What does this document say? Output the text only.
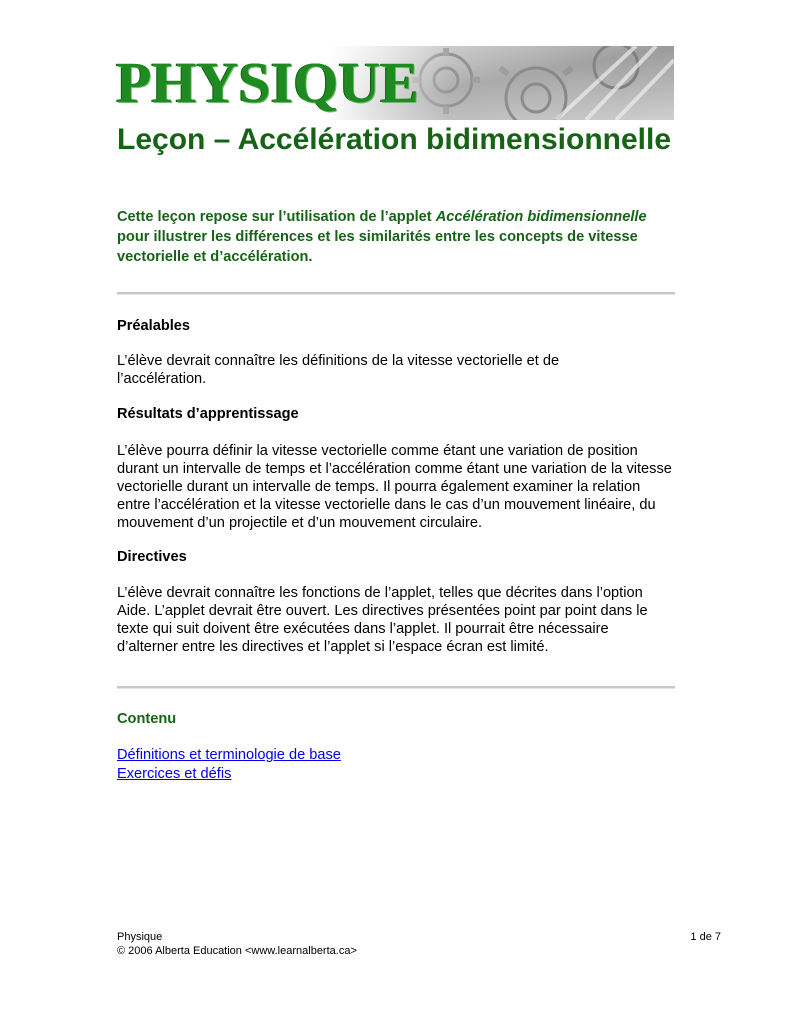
PHYSIQUE
Leçon – Accélération bidimensionnelle

Cette leçon repose sur l’utilisation de l’applet Accélération bidimensionnelle pour illustrer les différences et les similarités entre les concepts de vitesse vectorielle et d’accélération.

Préalables

L’élève devrait connaître les définitions de la vitesse vectorielle et de l’accélération.

Résultats d’apprentissage

L’élève pourra définir la vitesse vectorielle comme étant une variation de position durant un intervalle de temps et l’accélération comme étant une variation de la vitesse vectorielle durant un intervalle de temps. Il pourra également examiner la relation entre l’accélération et la vitesse vectorielle dans le cas d’un mouvement linéaire, du mouvement d’un projectile et d’un mouvement circulaire.

Directives

L’élève devrait connaître les fonctions de l’applet, telles que décrites dans l’option Aide. L’applet devrait être ouvert. Les directives présentées point par point dans le texte qui suit doivent être exécutées dans l’applet. Il pourrait être nécessaire d’alterner entre les directives et l’applet si l’espace écran est limité.

Contenu
Définitions et terminologie de base
Exercices et défis

Physique

© 2006 Alberta Education <www.learnalberta.ca>

1 de 7
